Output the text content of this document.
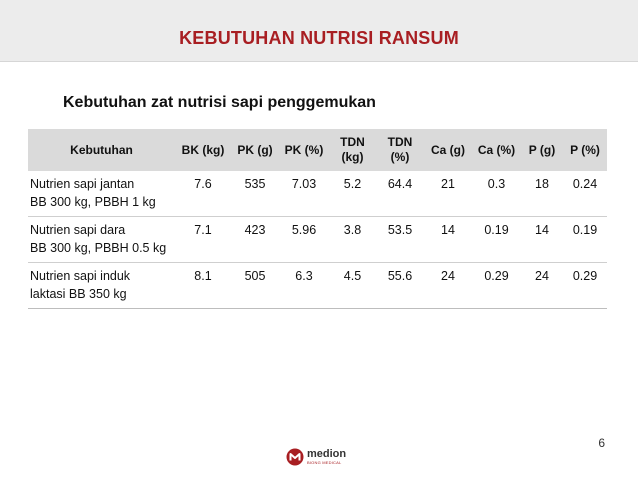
KEBUTUHAN NUTRISI RANSUM
Kebutuhan zat nutrisi sapi penggemukan
Kebutuhan	BK (kg)	PK (g)	PK (%)	TDN (kg)	TDN (%)	Ca (g)	Ca (%)	P (g)	P (%)
Nutrien sapi jantan
BB 300 kg, PBBH 1 kg	7.6	535	7.03	5.2	64.4	21	0.3	18	0.24
Nutrien sapi dara
BB 300 kg, PBBH 0.5 kg	7.1	423	5.96	3.8	53.5	14	0.19	14	0.19
Nutrien sapi induk
laktasi BB 350 kg	8.1	505	6.3	4.5	55.6	24	0.29	24	0.29
6
medion
BIONG MEDICAL
